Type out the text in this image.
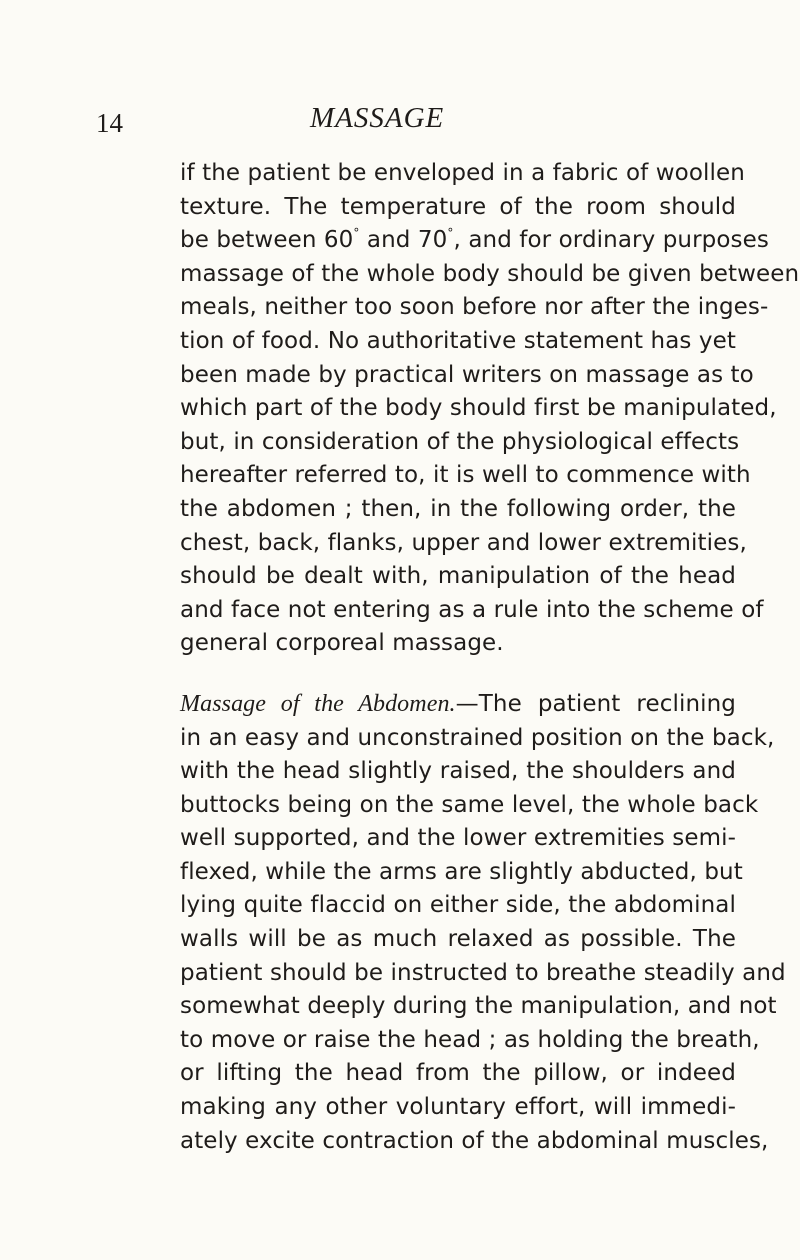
14	MASSAGE
if the patient be enveloped in a fabric of woollen
texture. The temperature of the room should
be between 60° and 70°, and for ordinary purposes
massage of the whole body should be given between
meals, neither too soon before nor after the inges-
tion of food. No authoritative statement has yet
been made by practical writers on massage as to
which part of the body should first be manipulated,
but, in consideration of the physiological effects
hereafter referred to, it is well to commence with
the abdomen ; then, in the following order, the
chest, back, flanks, upper and lower extremities,
should be dealt with, manipulation of the head
and face not entering as a rule into the scheme of
general corporeal massage.
Massage of the Abdomen.—The patient reclining
in an easy and unconstrained position on the back,
with the head slightly raised, the shoulders and
buttocks being on the same level, the whole back
well supported, and the lower extremities semi-
flexed, while the arms are slightly abducted, but
lying quite flaccid on either side, the abdominal
walls will be as much relaxed as possible. The
patient should be instructed to breathe steadily and
somewhat deeply during the manipulation, and not
to move or raise the head ; as holding the breath,
or lifting the head from the pillow, or indeed
making any other voluntary effort, will immedi-
ately excite contraction of the abdominal muscles,
